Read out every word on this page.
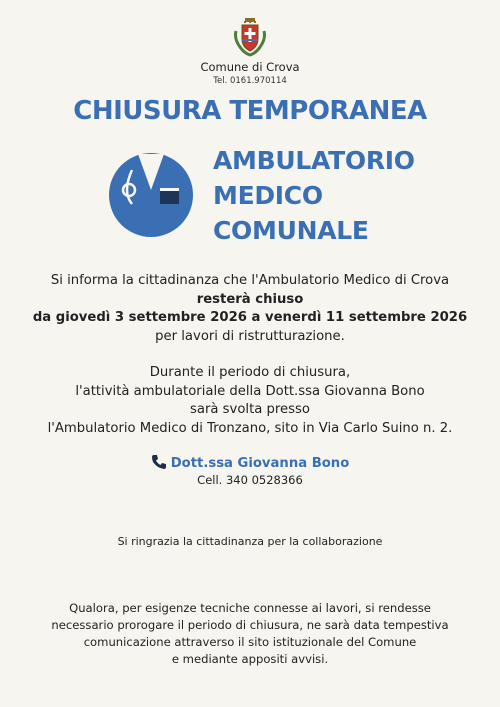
Comune di Crova
Tel. 0161.970114
CHIUSURA TEMPORANEA
AMBULATORIO
MEDICO
COMUNALE
Si informa la cittadinanza che l'Ambulatorio Medico di Crova
resterà chiuso
da giovedì 3 settembre 2026 a venerdì 11 settembre 2026
per lavori di ristrutturazione.
Durante il periodo di chiusura,
l'attività ambulatoriale della Dott.ssa Giovanna Bono
sarà svolta presso
l'Ambulatorio Medico di Tronzano, sito in Via Carlo Suino n. 2.
Dott.ssa Giovanna Bono
Cell. 340 0528366
Si ringrazia la cittadinanza per la collaborazione
Qualora, per esigenze tecniche connesse ai lavori, si rendesse
necessario prorogare il periodo di chiusura, ne sarà data tempestiva
comunicazione attraverso il sito istituzionale del Comune
e mediante appositi avvisi.
